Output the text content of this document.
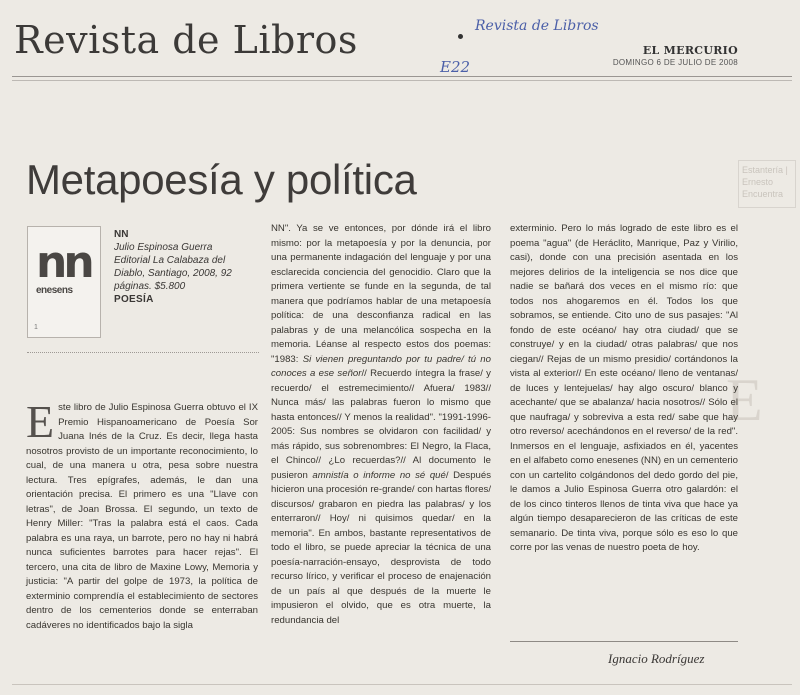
Revista de Libros	Revista de Libros
E22
EL MERCURIO
DOMINGO 6 DE JULIO DE 2008
Estantería | Ernesto Encuentra
E
Metapoesía y política
nn
enesens
1
NN
Julio Espinosa Guerra
Editorial La Calabaza del Diablo, Santiago, 2008, 92 páginas. $5.800
POESÍA

Este libro de Julio Espinosa Guerra obtuvo el IX Premio Hispanoamericano de Poesía Sor Juana Inés de la Cruz. Es decir, llega hasta nosotros provisto de un importante reconocimiento, lo cual, de una manera u otra, pesa sobre nuestra lectura. Tres epígrafes, además, le dan una orientación precisa. El primero es una "Llave con letras", de Joan Brossa. El segundo, un texto de Henry Miller: "Tras la palabra está el caos. Cada palabra es una raya, un barrote, pero no hay ni habrá nunca suficientes barrotes para hacer rejas". El tercero, una cita de libro de Maxine Lowy, Memoria y justicia: "A partir del golpe de 1973, la política de exterminio comprendía el establecimiento de sectores dentro de los cementerios donde se enterraban cadáveres no identificados bajo la sigla

NN". Ya se ve entonces, por dónde irá el libro mismo: por la metapoesía y por la denuncia, por una permanente indagación del lenguaje y por una esclarecida conciencia del genocidio. Claro que la primera vertiente se funde en la segunda, de tal manera que podríamos hablar de una metapoesía política: de una desconfianza radical en las palabras y de una melancólica sospecha en la memoria. Léanse al respecto estos dos poemas: "1983: Si vienen preguntando por tu padre/ tú no conoces a ese señor// Recuerdo íntegra la frase/ y recuerdo/ el estremecimiento// Afuera/ 1983// Nunca más/ las palabras fueron lo mismo que hasta entonces// Y menos la realidad". "1991-1996-2005: Sus nombres se olvidaron con facilidad/ y más rápido, sus sobrenombres: El Negro, la Flaca, el Chinco// ¿Lo recuerdas?// Al documento le pusieron amnistía o informe no sé qué/ Después hicieron una procesión re-grande/ con hartas flores/ discursos/ grabaron en piedra las palabras/ y los enterraron// Hoy/ ni quisimos quedar/ en la memoria". En ambos, bastante representativos de todo el libro, se puede apreciar la técnica de una poesía-narración-ensayo, desprovista de todo recurso lírico, y verificar el proceso de enajenación de un país al que después de la muerte le impusieron el olvido, que es otra muerte, la redundancia del

exterminio. Pero lo más logrado de este libro es el poema "agua" (de Heráclito, Manrique, Paz y Virilio, casi), donde con una precisión asentada en los mejores delirios de la inteligencia se nos dice que nadie se bañará dos veces en el mismo río: que todos nos ahogaremos en él. Todos los que sobramos, se entiende. Cito uno de sus pasajes: "Al fondo de este océano/ hay otra ciudad/ que se construye/ y en la ciudad/ otras palabras/ que nos ciegan// Rejas de un mismo presidio/ cortándonos la vista al exterior// En este océano/ lleno de ventanas/ de luces y lentejuelas/ hay algo oscuro/ blanco y acechante/ que se abalanza/ hacia nosotros// Sólo el que naufraga/ y sobreviva a esta red/ sabe que hay otro reverso/ acechándonos en el reverso/ de la red". Inmersos en el lenguaje, asfixiados en él, yacentes en el alfabeto como enesenes (NN) en un cementerio con un cartelito colgándonos del dedo gordo del pie, le damos a Julio Espinosa Guerra otro galardón: el de los cinco tinteros llenos de tinta viva que hace ya algún tiempo desaparecieron de las críticas de este semanario. De tinta viva, porque sólo es eso lo que corre por las venas de nuestro poeta de hoy.

Ignacio Rodríguez
